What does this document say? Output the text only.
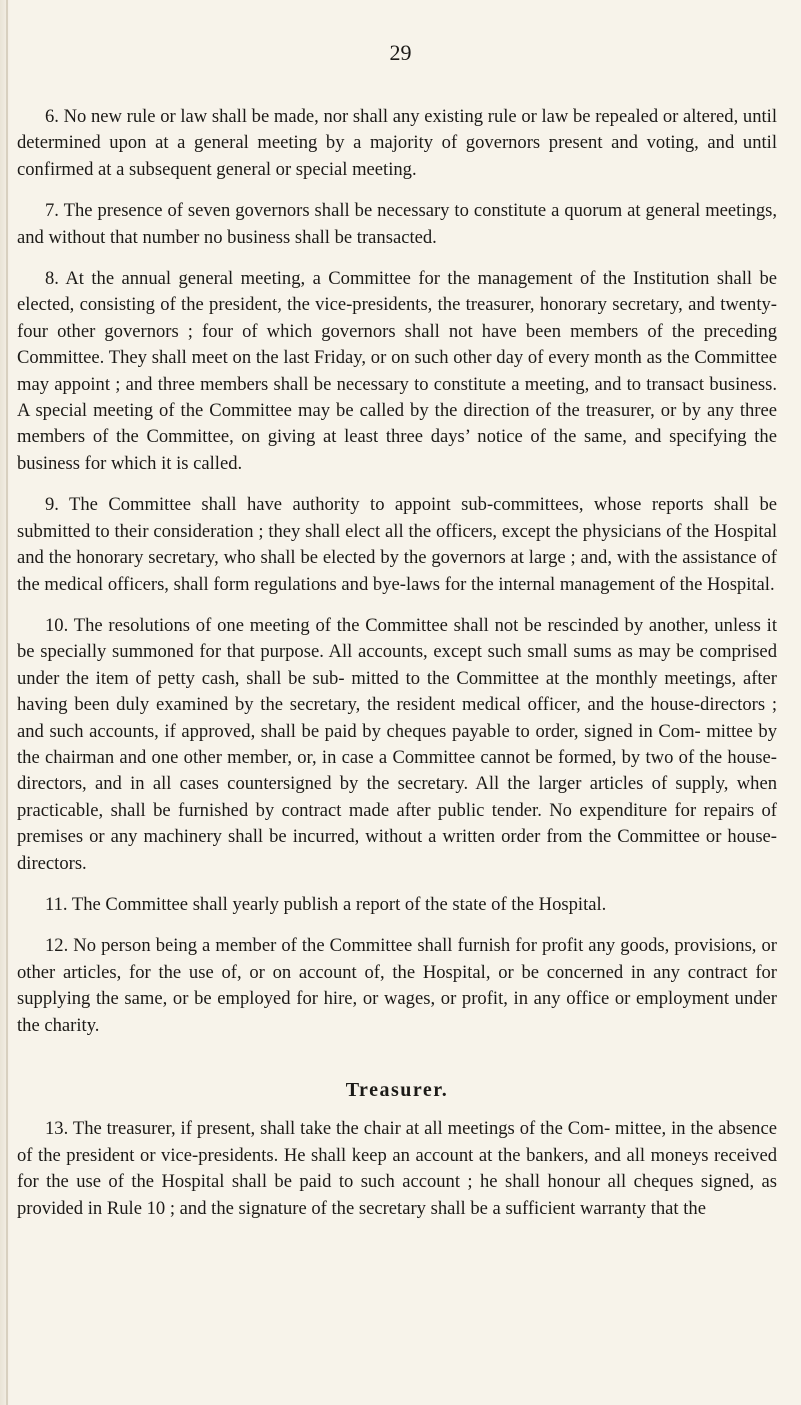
29

6. No new rule or law shall be made, nor shall any existing rule or law be repealed or altered, until determined upon at a general meeting by a majority of governors present and voting, and until confirmed at a subsequent general or special meeting.

7. The presence of seven governors shall be necessary to constitute a quorum at general meetings, and without that number no business shall be transacted.

8. At the annual general meeting, a Committee for the management of the Institution shall be elected, consisting of the president, the vice-presidents, the treasurer, honorary secretary, and twenty-four other governors ; four of which governors shall not have been members of the preceding Committee. They shall meet on the last Friday, or on such other day of every month as the Committee may appoint ; and three members shall be necessary to constitute a meeting, and to transact business. A special meeting of the Committee may be called by the direction of the treasurer, or by any three members of the Committee, on giving at least three days’ notice of the same, and specifying the business for which it is called.

9. The Committee shall have authority to appoint sub-committees, whose reports shall be submitted to their consideration ; they shall elect all the officers, except the physicians of the Hospital and the honorary secretary, who shall be elected by the governors at large ; and, with the assistance of the medical officers, shall form regulations and bye-laws for the internal management of the Hospital.

10. The resolutions of one meeting of the Committee shall not be rescinded by another, unless it be specially summoned for that purpose. All accounts, except such small sums as may be comprised under the item of petty cash, shall be sub- mitted to the Committee at the monthly meetings, after having been duly examined by the secretary, the resident medical officer, and the house-directors ; and such accounts, if approved, shall be paid by cheques payable to order, signed in Com- mittee by the chairman and one other member, or, in case a Committee cannot be formed, by two of the house-directors, and in all cases countersigned by the secretary. All the larger articles of supply, when practicable, shall be furnished by contract made after public tender. No expenditure for repairs of premises or any machinery shall be incurred, without a written order from the Committee or house-directors.

11. The Committee shall yearly publish a report of the state of the Hospital.

12. No person being a member of the Committee shall furnish for profit any goods, provisions, or other articles, for the use of, or on account of, the Hospital, or be concerned in any contract for supplying the same, or be employed for hire, or wages, or profit, in any office or employment under the charity.

Treasurer.

13. The treasurer, if present, shall take the chair at all meetings of the Com- mittee, in the absence of the president or vice-presidents. He shall keep an account at the bankers, and all moneys received for the use of the Hospital shall be paid to such account ; he shall honour all cheques signed, as provided in Rule 10 ; and the signature of the secretary shall be a sufficient warranty that the
